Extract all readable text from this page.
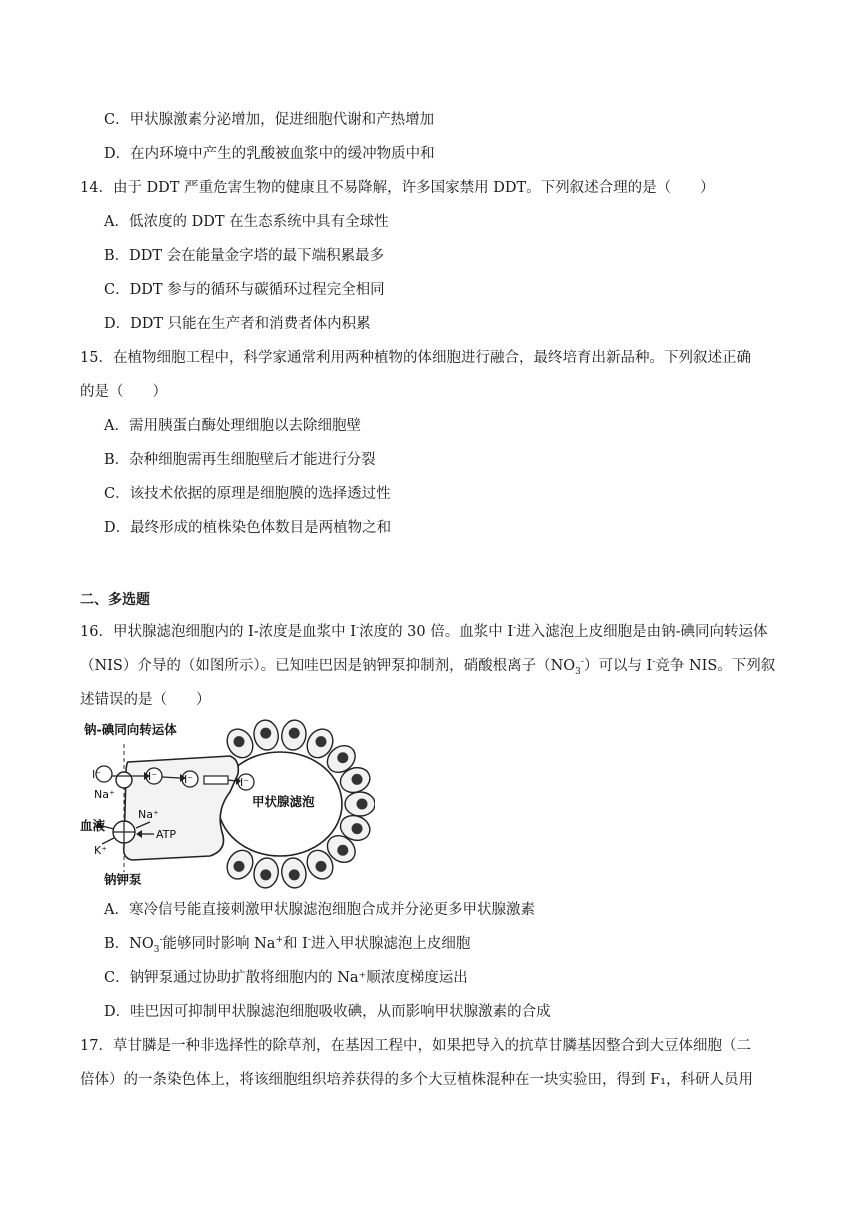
C．甲状腺激素分泌增加，促进细胞代谢和产热增加
D．在内环境中产生的乳酸被血浆中的缓冲物质中和
14．由于 DDT 严重危害生物的健康且不易降解，许多国家禁用 DDT。下列叙述合理的是（　　）
A．低浓度的 DDT 在生态系统中具有全球性
B．DDT 会在能量金字塔的最下端积累最多
C．DDT 参与的循环与碳循环过程完全相同
D．DDT 只能在生产者和消费者体内积累
15．在植物细胞工程中，科学家通常利用两种植物的体细胞进行融合，最终培育出新品种。下列叙述正确
的是（　　）
A．需用胰蛋白酶处理细胞以去除细胞壁
B．杂种细胞需再生细胞壁后才能进行分裂
C．该技术依据的原理是细胞膜的选择透过性
D．最终形成的植株染色体数目是两植物之和
二、多选题
16．甲状腺滤泡细胞内的 I-浓度是血浆中 I-浓度的 30 倍。血浆中 I-进入滤泡上皮细胞是由钠-碘同向转运体
（NIS）介导的（如图所示）。已知哇巴因是钠钾泵抑制剂，硝酸根离子$(NO_3^-)$可以与 I-竞争 NIS。下列叙
述错误的是（　　）
钠-碘同向转运体
I⁻	I⁻ I⁻	I⁻
Na⁺
Na⁺
血液
ATP
K⁺
钠钾泵
甲状腺滤泡
A．寒冷信号能直接刺激甲状腺滤泡细胞合成并分泌更多甲状腺激素
B．$NO_3^-$能够同时影响 Na+和 I-进入甲状腺滤泡上皮细胞
C．钠钾泵通过协助扩散将细胞内的 Na⁺顺浓度梯度运出
D．哇巴因可抑制甲状腺滤泡细胞吸收碘，从而影响甲状腺激素的合成
17．草甘膦是一种非选择性的除草剂，在基因工程中，如果把导入的抗草甘膦基因整合到大豆体细胞（二
倍体）的一条染色体上，将该细胞组织培养获得的多个大豆植株混种在一块实验田，得到 F₁，科研人员用
